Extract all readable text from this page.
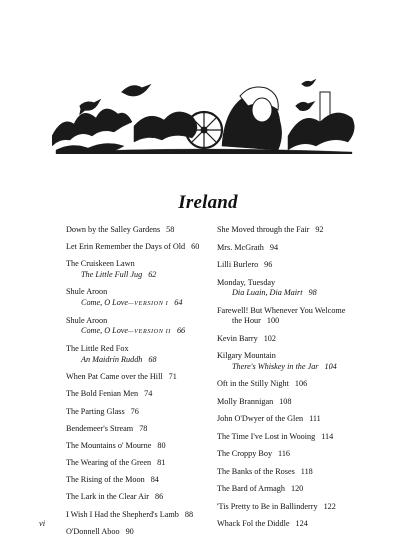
Ireland
Down by the Salley Gardens 58
Let Erin Remember the Days of Old 60
The Cruiskeen Lawn
The Little Full Jug 62
Shule Aroon
Come, O Love—VERSION I 64
Shule Aroon
Come, O Love—VERSION II 66
The Little Red Fox
An Maidrín Ruddh 68
When Pat Came over the Hill 71
The Bold Fenian Men 74
The Parting Glass 76
Bendemeer's Stream 78
The Mountains o' Mourne 80
The Wearing of the Green 81
The Rising of the Moon 84
The Lark in the Clear Air 86
I Wish I Had the Shepherd's Lamb 88
O'Donnell Aboo 90
She Moved through the Fair 92
Mrs. McGrath 94
Lilli Burlero 96
Monday, Tuesday
Dia Luain, Dia Mairt 98
Farewell! But Whenever You Welcome
the Hour 100
Kevin Barry 102
Kilgary Mountain
There's Whiskey in the Jar 104
Oft in the Stilly Night 106
Molly Brannigan 108
John O'Dwyer of the Glen 111
The Time I've Lost in Wooing 114
The Croppy Boy 116
The Banks of the Roses 118
The Bard of Armagh 120
'Tis Pretty to Be in Ballinderry 122
Whack Fol the Diddle 124
vi
